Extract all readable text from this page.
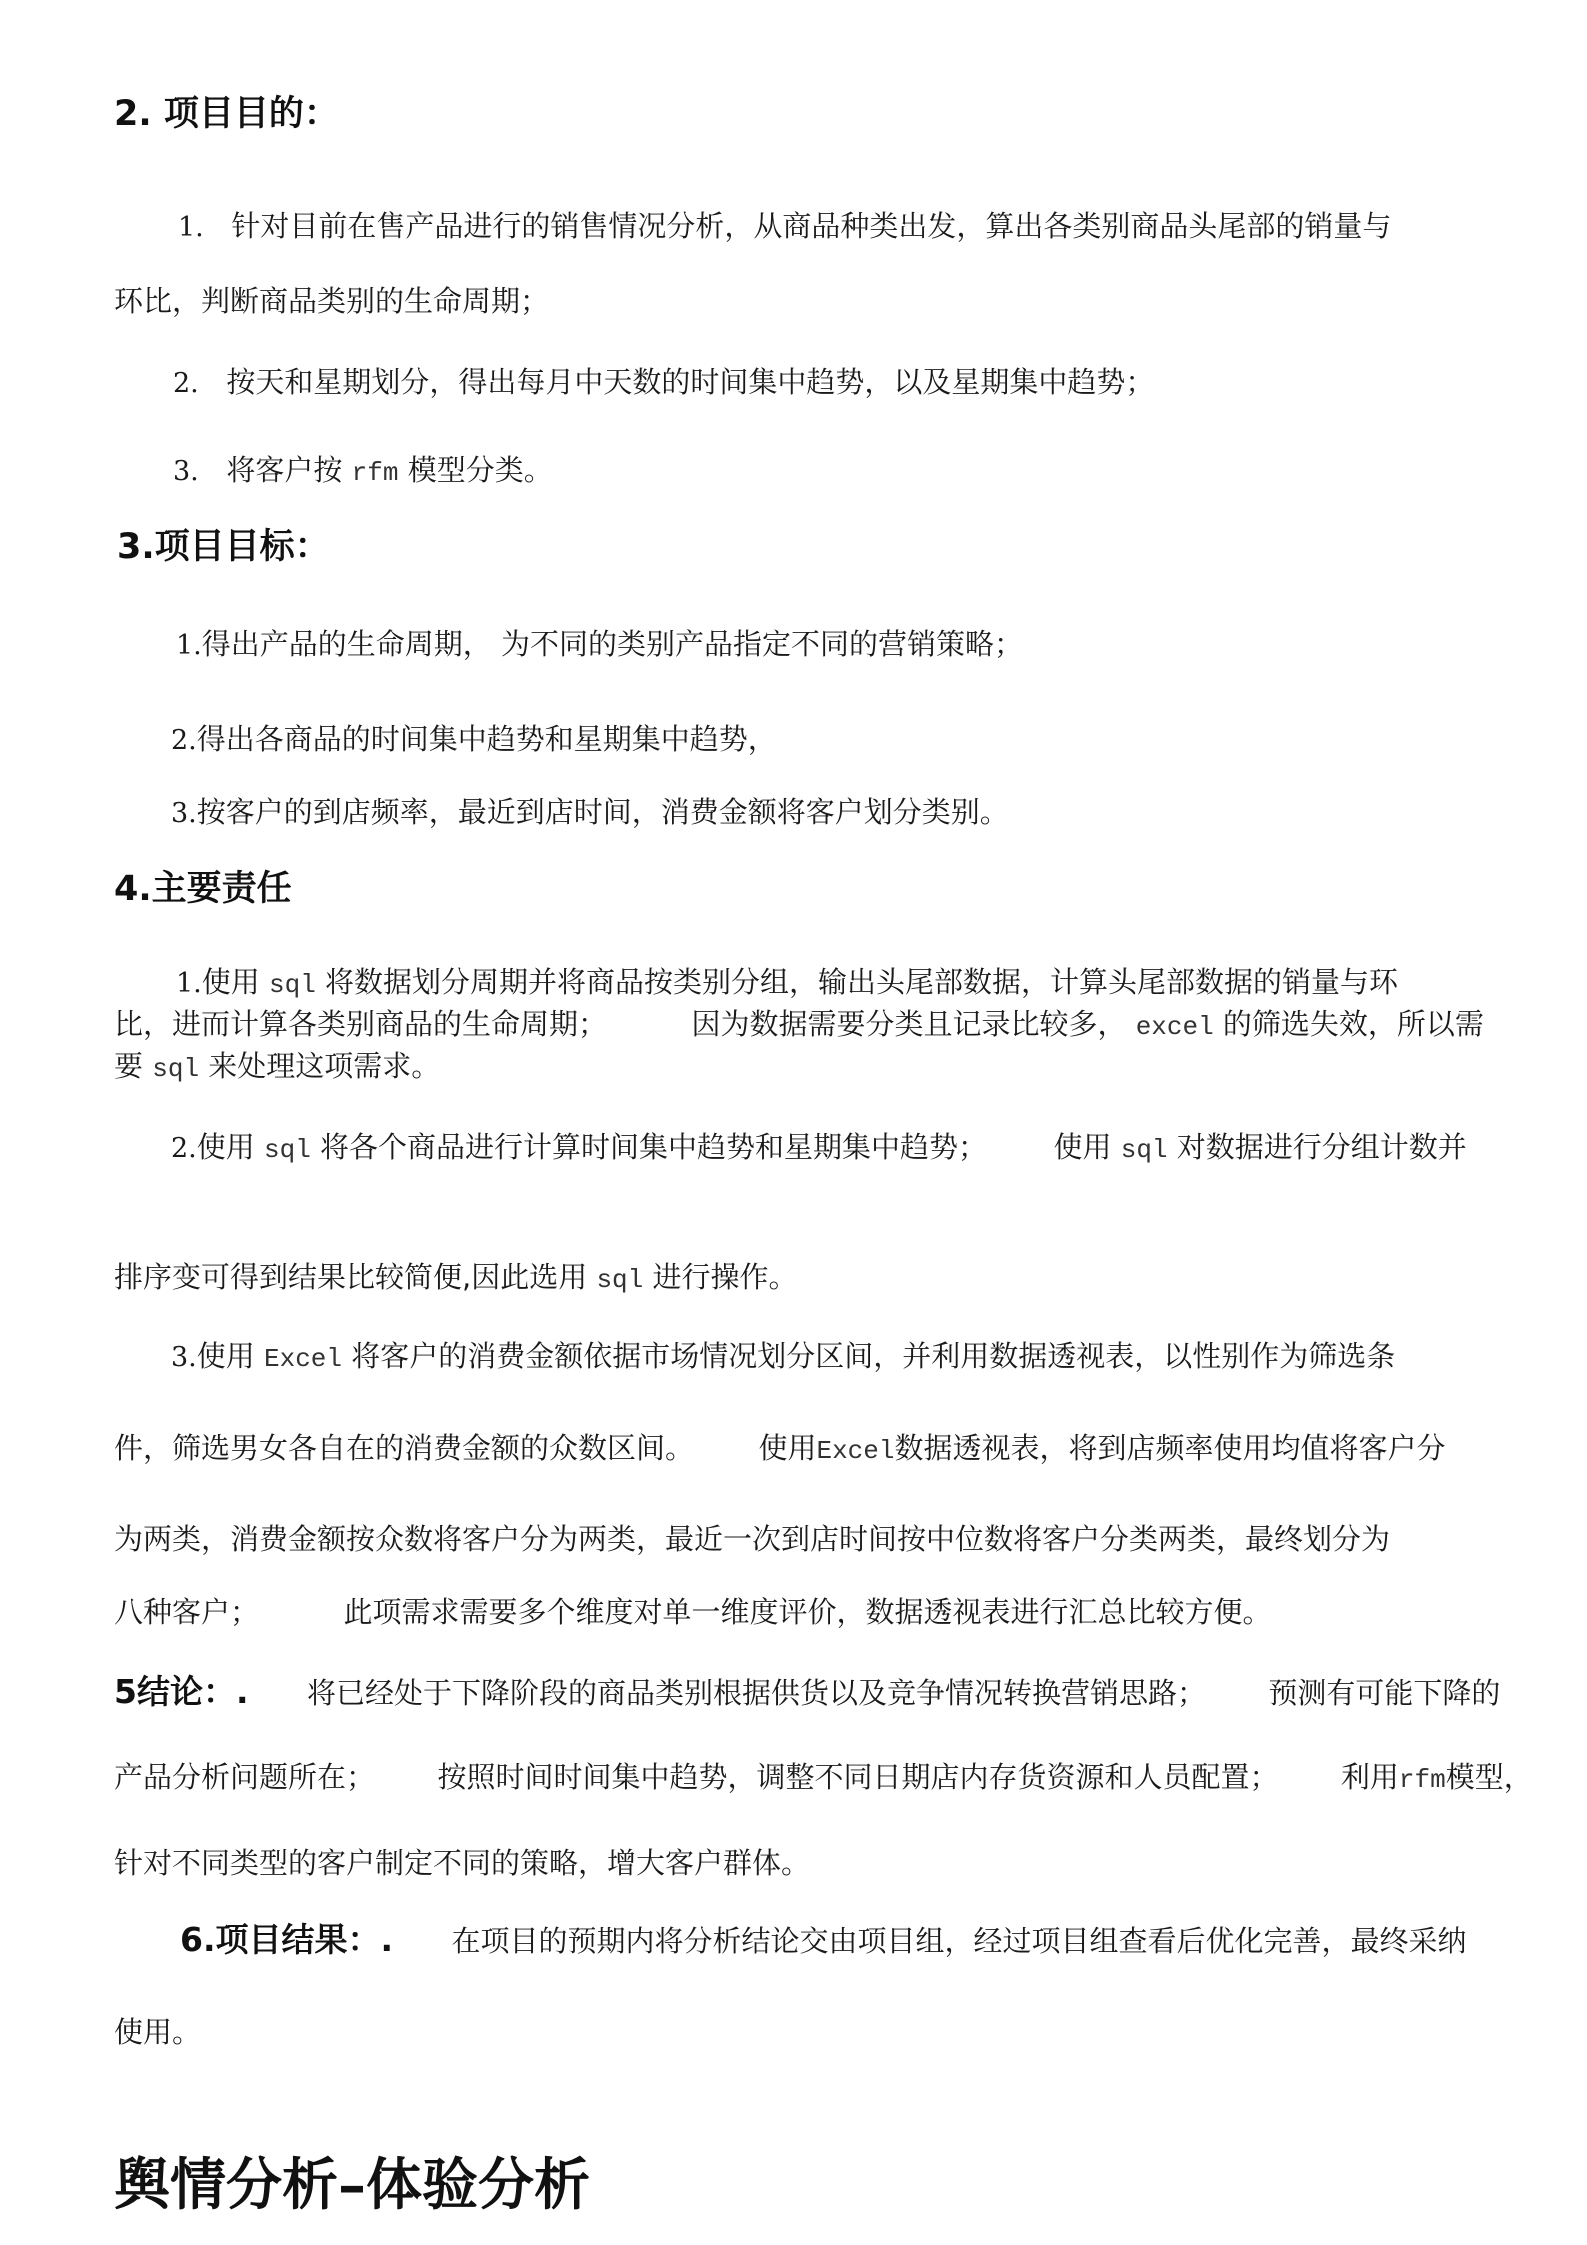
2. 项目目的：
1. 针对目前在售产品进行的销售情况分析，从商品种类出发，算出各类别商品头尾部的销量与
环比，判断商品类别的生命周期；
2. 按天和星期划分，得出每月中天数的时间集中趋势，以及星期集中趋势；
3. 将客户按 rfm 模型分类。
3.项目目标：
1.得出产品的生命周期， 为不同的类别产品指定不同的营销策略；
2.得出各商品的时间集中趋势和星期集中趋势，
3.按客户的到店频率，最近到店时间，消费金额将客户划分类别。
4.主要责任
1.使用 sql 将数据划分周期并将商品按类别分组，输出头尾部数据，计算头尾部数据的销量与环
比，进而计算各类别商品的生命周期；	因为数据需要分类且记录比较多， excel 的筛选失效，所以需
要 sql 来处理这项需求。
2.使用 sql 将各个商品进行计算时间集中趋势和星期集中趋势； 使用 sql 对数据进行分组计数并
排序变可得到结果比较简便,因此选用 sql 进行操作。
3.使用 Excel 将客户的消费金额依据市场情况划分区间，并利用数据透视表，以性别作为筛选条
件，筛选男女各自在的消费金额的众数区间。 使用Excel数据透视表，将到店频率使用均值将客户分
为两类，消费金额按众数将客户分为两类，最近一次到店时间按中位数将客户分类两类，最终划分为
八种客户；	此项需求需要多个维度对单一维度评价，数据透视表进行汇总比较方便。
5结论：. 将已经处于下降阶段的商品类别根据供货以及竞争情况转换营销思路； 预测有可能下降的
产品分析问题所在； 按照时间时间集中趋势，调整不同日期店内存货资源和人员配置； 利用rfm模型，
针对不同类型的客户制定不同的策略，增大客户群体。
6.项目结果：. 在项目的预期内将分析结论交由项目组，经过项目组查看后优化完善，最终采纳
使用。
舆情分析–体验分析
